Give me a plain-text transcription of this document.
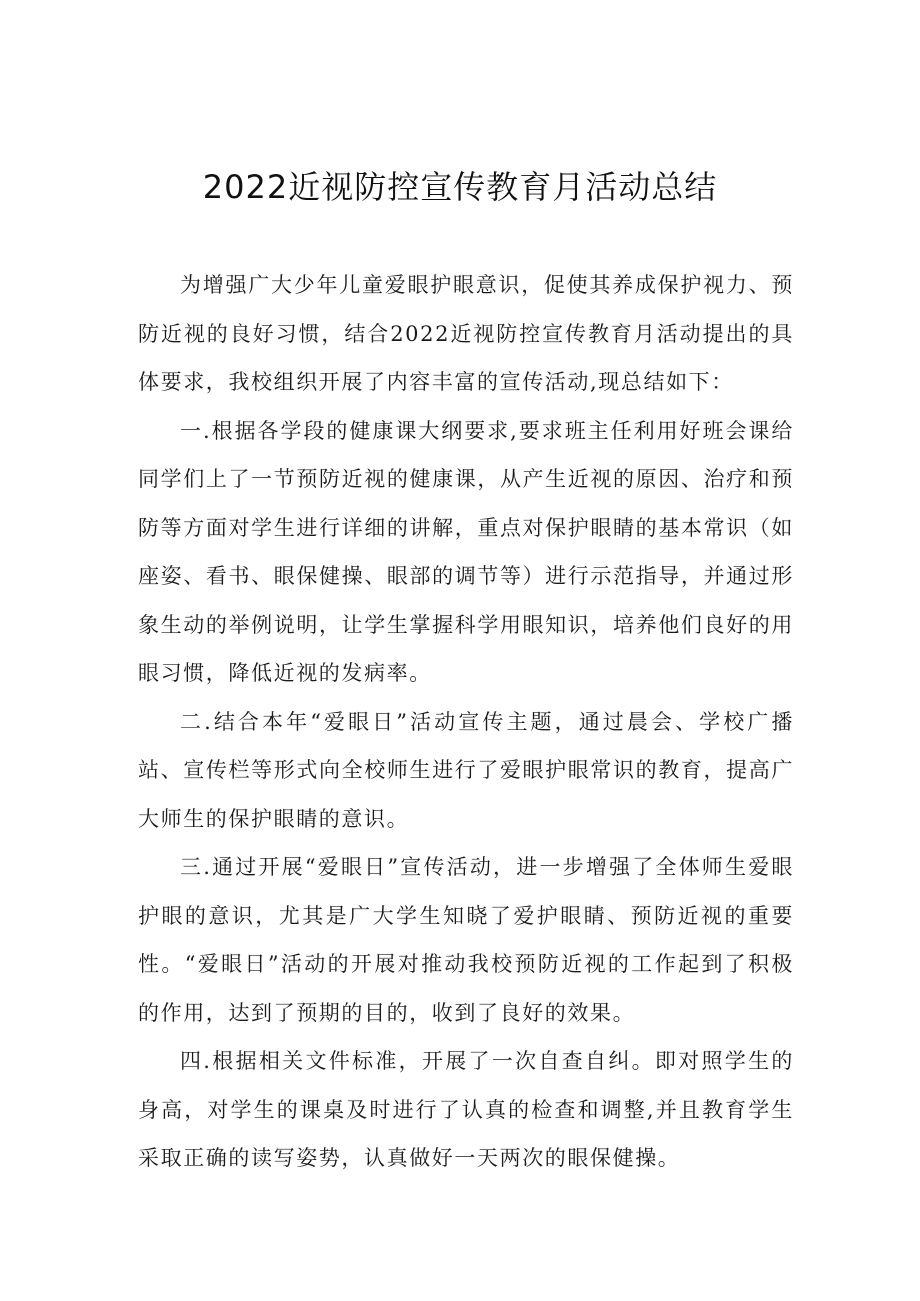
2022近视防控宣传教育月活动总结

为增强广大少年儿童爱眼护眼意识，促使其养成保护视力、预防近视的良好习惯，结合2022近视防控宣传教育月活动提出的具体要求，我校组织开展了内容丰富的宣传活动,现总结如下：

一.根据各学段的健康课大纲要求,要求班主任利用好班会课给同学们上了一节预防近视的健康课，从产生近视的原因、治疗和预防等方面对学生进行详细的讲解，重点对保护眼睛的基本常识（如座姿、看书、眼保健操、眼部的调节等）进行示范指导，并通过形象生动的举例说明，让学生掌握科学用眼知识，培养他们良好的用眼习惯，降低近视的发病率。

二.结合本年“爱眼日”活动宣传主题，通过晨会、学校广播站、宣传栏等形式向全校师生进行了爱眼护眼常识的教育，提高广大师生的保护眼睛的意识。

三.通过开展“爱眼日”宣传活动，进一步增强了全体师生爱眼护眼的意识，尤其是广大学生知晓了爱护眼睛、预防近视的重要性。“爱眼日”活动的开展对推动我校预防近视的工作起到了积极的作用，达到了预期的目的，收到了良好的效果。

四.根据相关文件标准，开展了一次自查自纠。即对照学生的身高，对学生的课桌及时进行了认真的检查和调整,并且教育学生采取正确的读写姿势，认真做好一天两次的眼保健操。
